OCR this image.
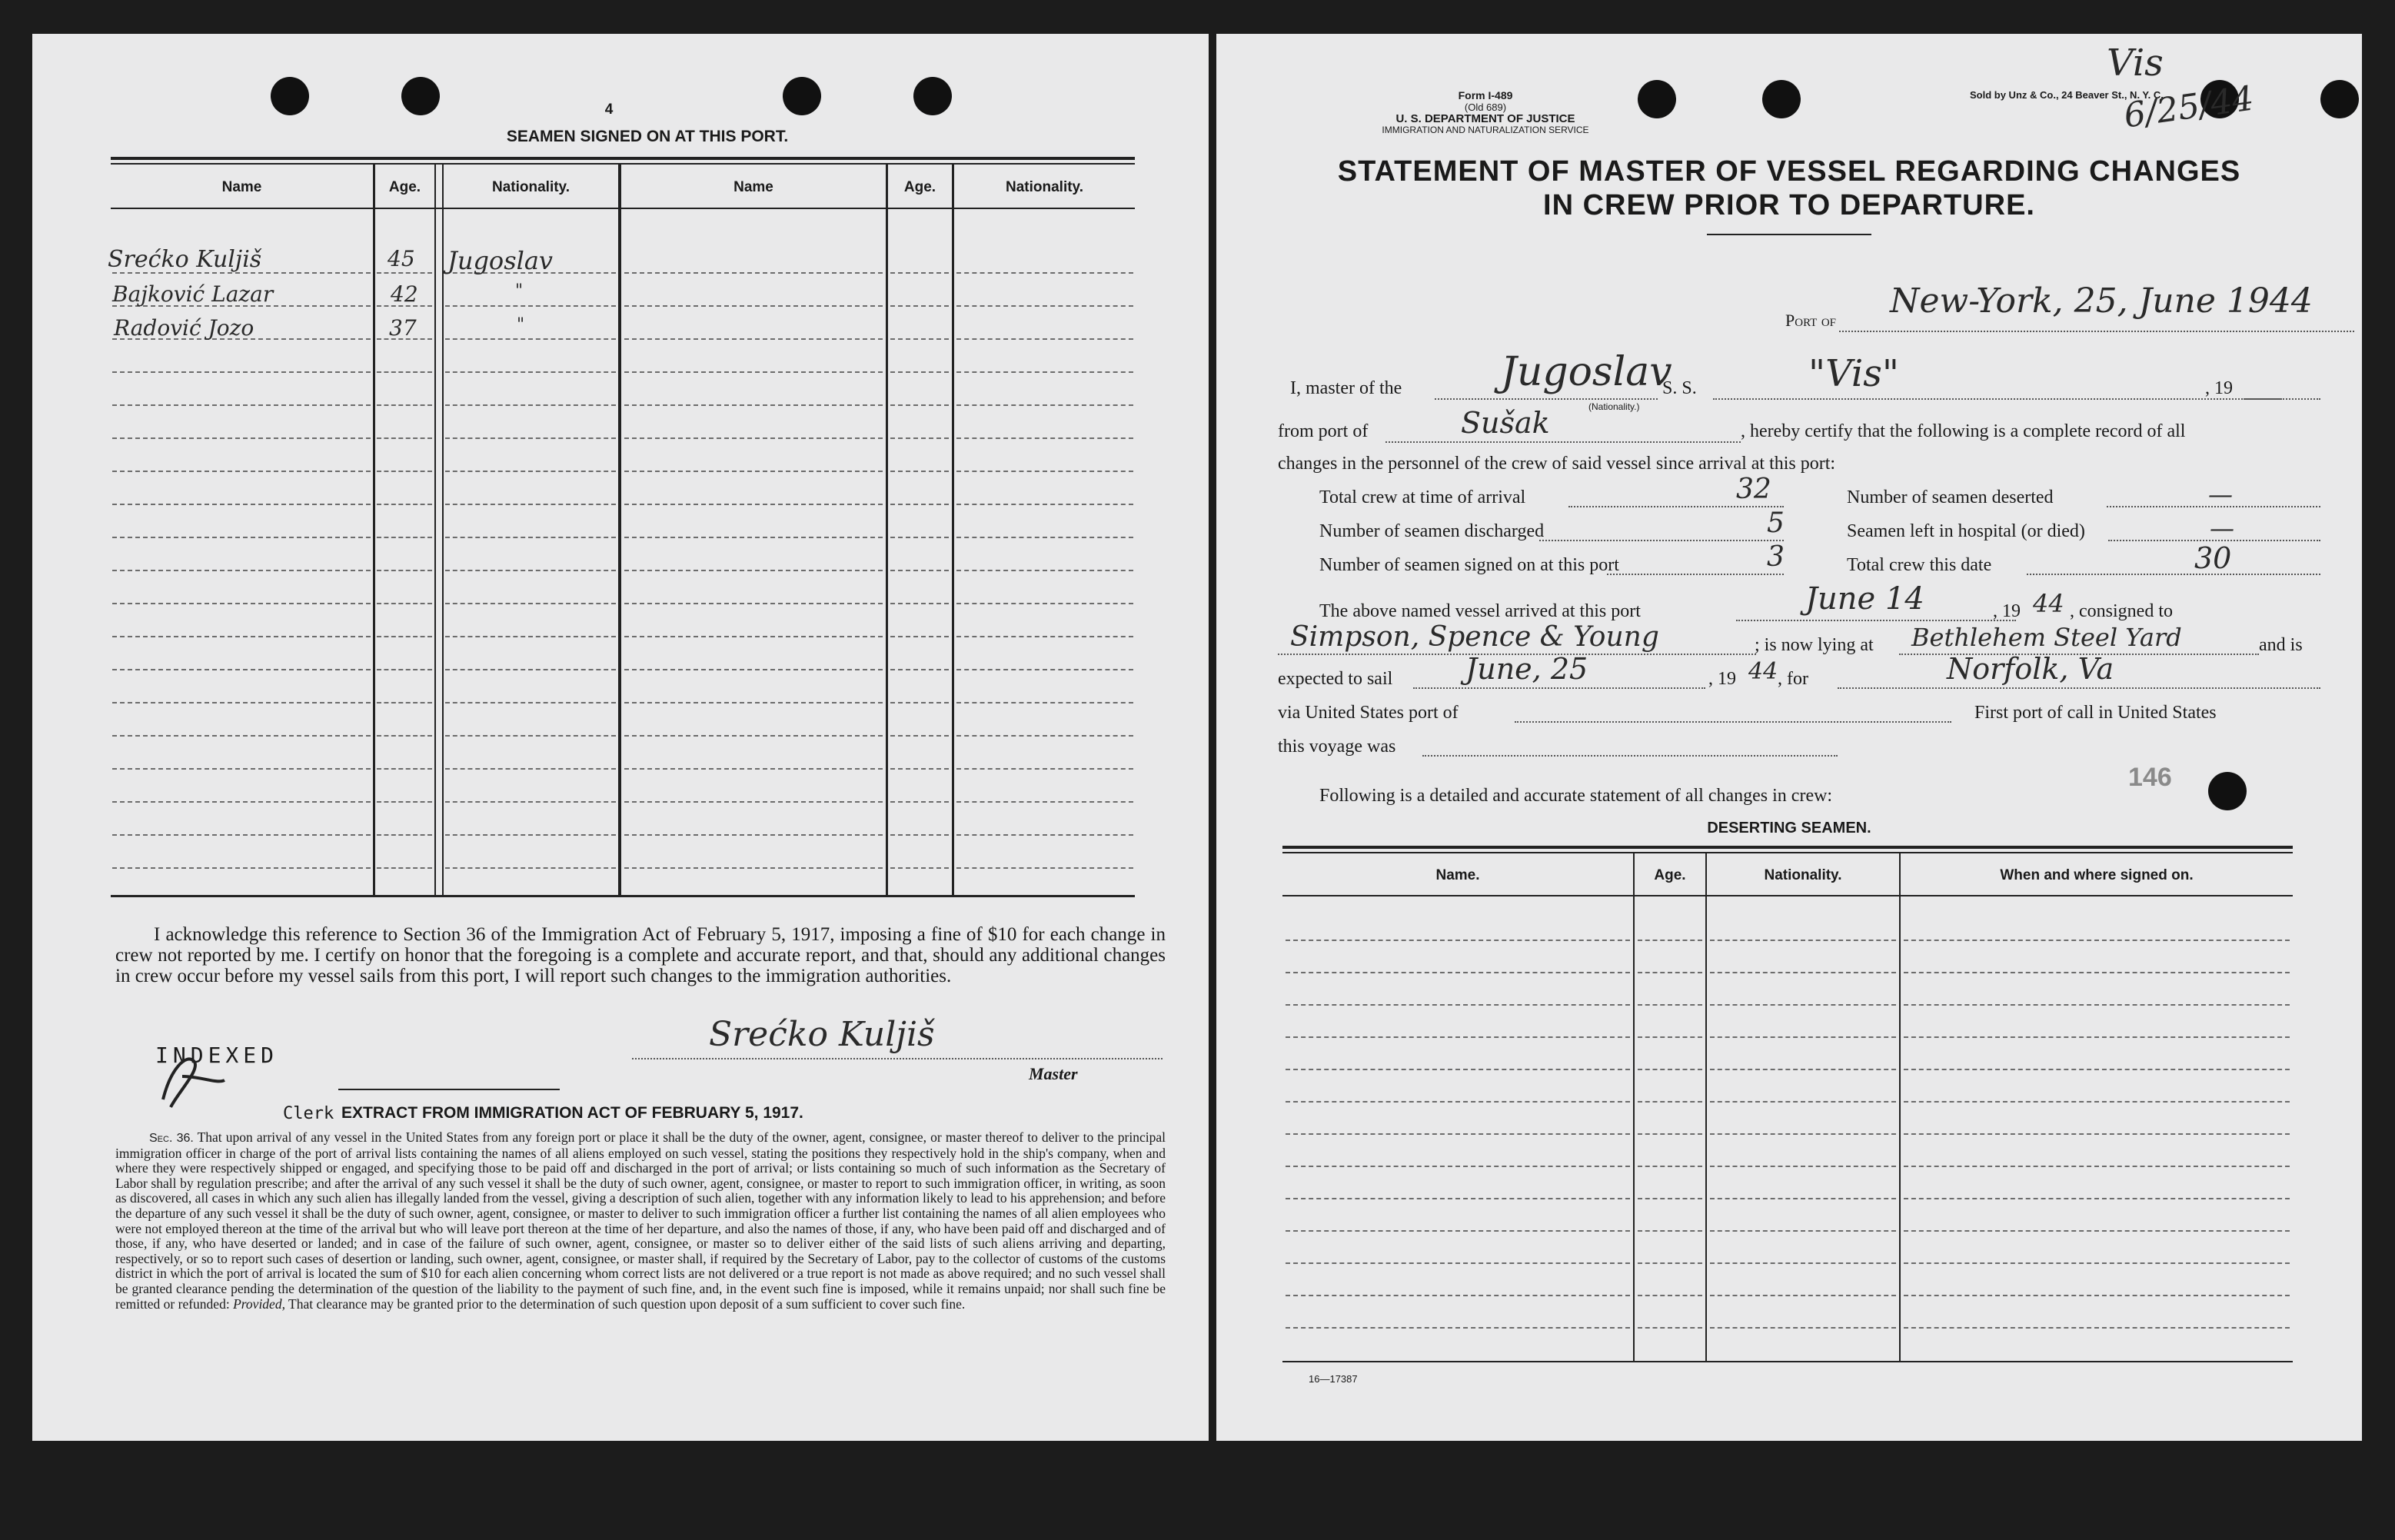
4
SEAMEN SIGNED ON AT THIS PORT.
Name	Age.	Nationality.	Name	Age.	Nationality.
Srećko Kuljiš	45 Jugoslav
Bajković Lazar	42	"
Radović Jozo	37	"
I acknowledge this reference to Section 36 of the Immigration Act of February 5, 1917, imposing a fine of $10 for each change in crew not reported by me. I certify on honor that the foregoing is a complete and accurate report, and that, should any additional changes in crew occur before my vessel sails from this port, I will report such changes to the immigration authorities.
Srećko Kuljiš
Master
INDEXED
Clerk EXTRACT FROM IMMIGRATION ACT OF FEBRUARY 5, 1917.
Sec. 36. That upon arrival of any vessel in the United States from any foreign port or place it shall be the duty of the owner, agent, consignee, or master thereof to deliver to the principal immigration officer in charge of the port of arrival lists containing the names of all aliens employed on such vessel, stating the positions they respectively hold in the ship's company, when and where they were respectively shipped or engaged, and specifying those to be paid off and discharged in the port of arrival; or lists containing so much of such information as the Secretary of Labor shall by regulation prescribe; and after the arrival of any such vessel it shall be the duty of such owner, agent, consignee, or master to report to such immigration officer, in writing, as soon as discovered, all cases in which any such alien has illegally landed from the vessel, giving a description of such alien, together with any information likely to lead to his apprehension; and before the departure of any such vessel it shall be the duty of such owner, agent, consignee, or master to deliver to such immigration officer a further list containing the names of all alien employees who were not employed thereon at the time of the arrival but who will leave port thereon at the time of her departure, and also the names of those, if any, who have been paid off and discharged and of those, if any, who have deserted or landed; and in case of the failure of such owner, agent, consignee, or master so to deliver either of the said lists of such aliens arriving and departing, respectively, or so to report such cases of desertion or landing, such owner, agent, consignee, or master shall, if required by the Secretary of Labor, pay to the collector of customs of the customs district in which the port of arrival is located the sum of $10 for each alien concerning whom correct lists are not delivered or a true report is not made as above required; and no such vessel shall be granted clearance pending the determination of the question of the liability to the payment of such fine, and, in the event such fine is imposed, while it remains unpaid; nor shall such fine be remitted or refunded: Provided, That clearance may be granted prior to the determination of such question upon deposit of a sum sufficient to cover such fine.
Form I-489
(Old 689)
U. S. DEPARTMENT OF JUSTICE
IMMIGRATION AND NATURALIZATION SERVICE
Sold by Unz & Co., 24 Beaver St., N. Y. C.
Vis
6/25/44
STATEMENT OF MASTER OF VESSEL REGARDING CHANGES
IN CREW PRIOR TO DEPARTURE.
Port of New-York, 25, June 1944
I, master of the Jugoslav
(Nationality.)
S. S.	"Vis"	, 19
from port of	Sušak	, hereby certify that the following is a complete record of all
changes in the personnel of the crew of said vessel since arrival at this port:
Total crew at time of arrival	32
Number of seamen discharged	5
Number of seamen signed on at this port	3
Number of seamen deserted	—
Seamen left in hospital (or died)	—
Total crew this date	30
The above named vessel arrived at this port	June 14	, 19 44 , consigned to
Simpson, Spence & Young	; is now lying at Bethlehem Steel Yard	and is
expected to sail June, 25	, 19 44 , for	Norfolk, Va
via United States port of	First port of call in United States
this voyage was
146
Following is a detailed and accurate statement of all changes in crew:
DESERTING SEAMEN.
Name.	Age.	Nationality.	When and where signed on.
16—17387
